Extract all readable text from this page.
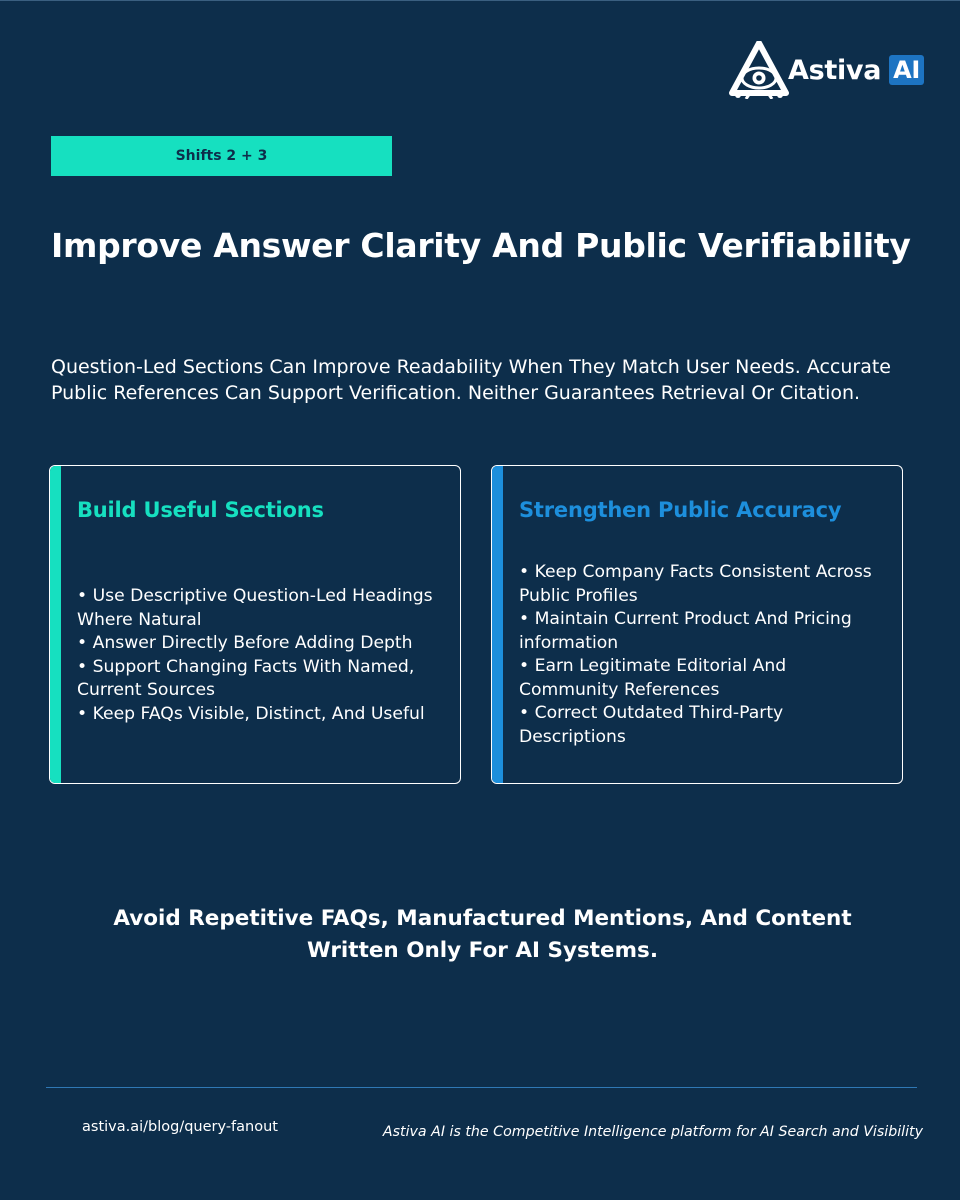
Astiva AI
Shifts 2 + 3
Improve Answer Clarity And Public Verifiability

Question-Led Sections Can Improve Readability When They Match User Needs. Accurate Public References Can Support Verification. Neither Guarantees Retrieval Or Citation.

Build Useful Sections
• Use Descriptive Question-Led Headings Where Natural
• Answer Directly Before Adding Depth
• Support Changing Facts With Named, Current Sources
• Keep FAQs Visible, Distinct, And Useful
Strengthen Public Accuracy
• Keep Company Facts Consistent Across Public Profiles
• Maintain Current Product And Pricing information
• Earn Legitimate Editorial And Community References
• Correct Outdated Third-Party Descriptions

Avoid Repetitive FAQs, Manufactured Mentions, And Content Written Only For AI Systems.

astiva.ai/blog/query-fanout	Astiva AI is the Competitive Intelligence platform for AI Search and Visibility
